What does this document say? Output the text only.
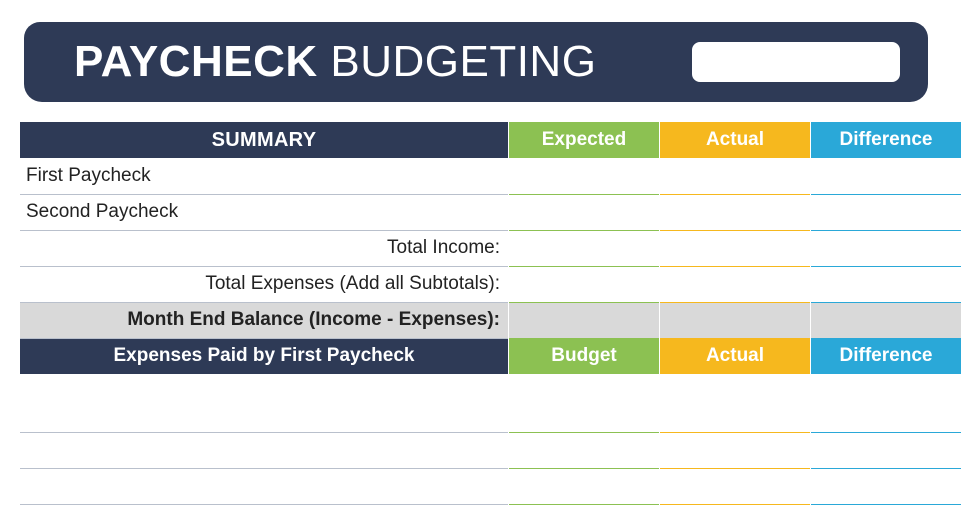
PAYCHECK BUDGETING
SUMMARY		Expected		Actual		Difference
First Paycheck						
Second Paycheck						
Total Income:						
Total Expenses (Add all Subtotals):						
Month End Balance (Income - Expenses):						
Expenses Paid by First Paycheck		Budget		Actual		Difference
